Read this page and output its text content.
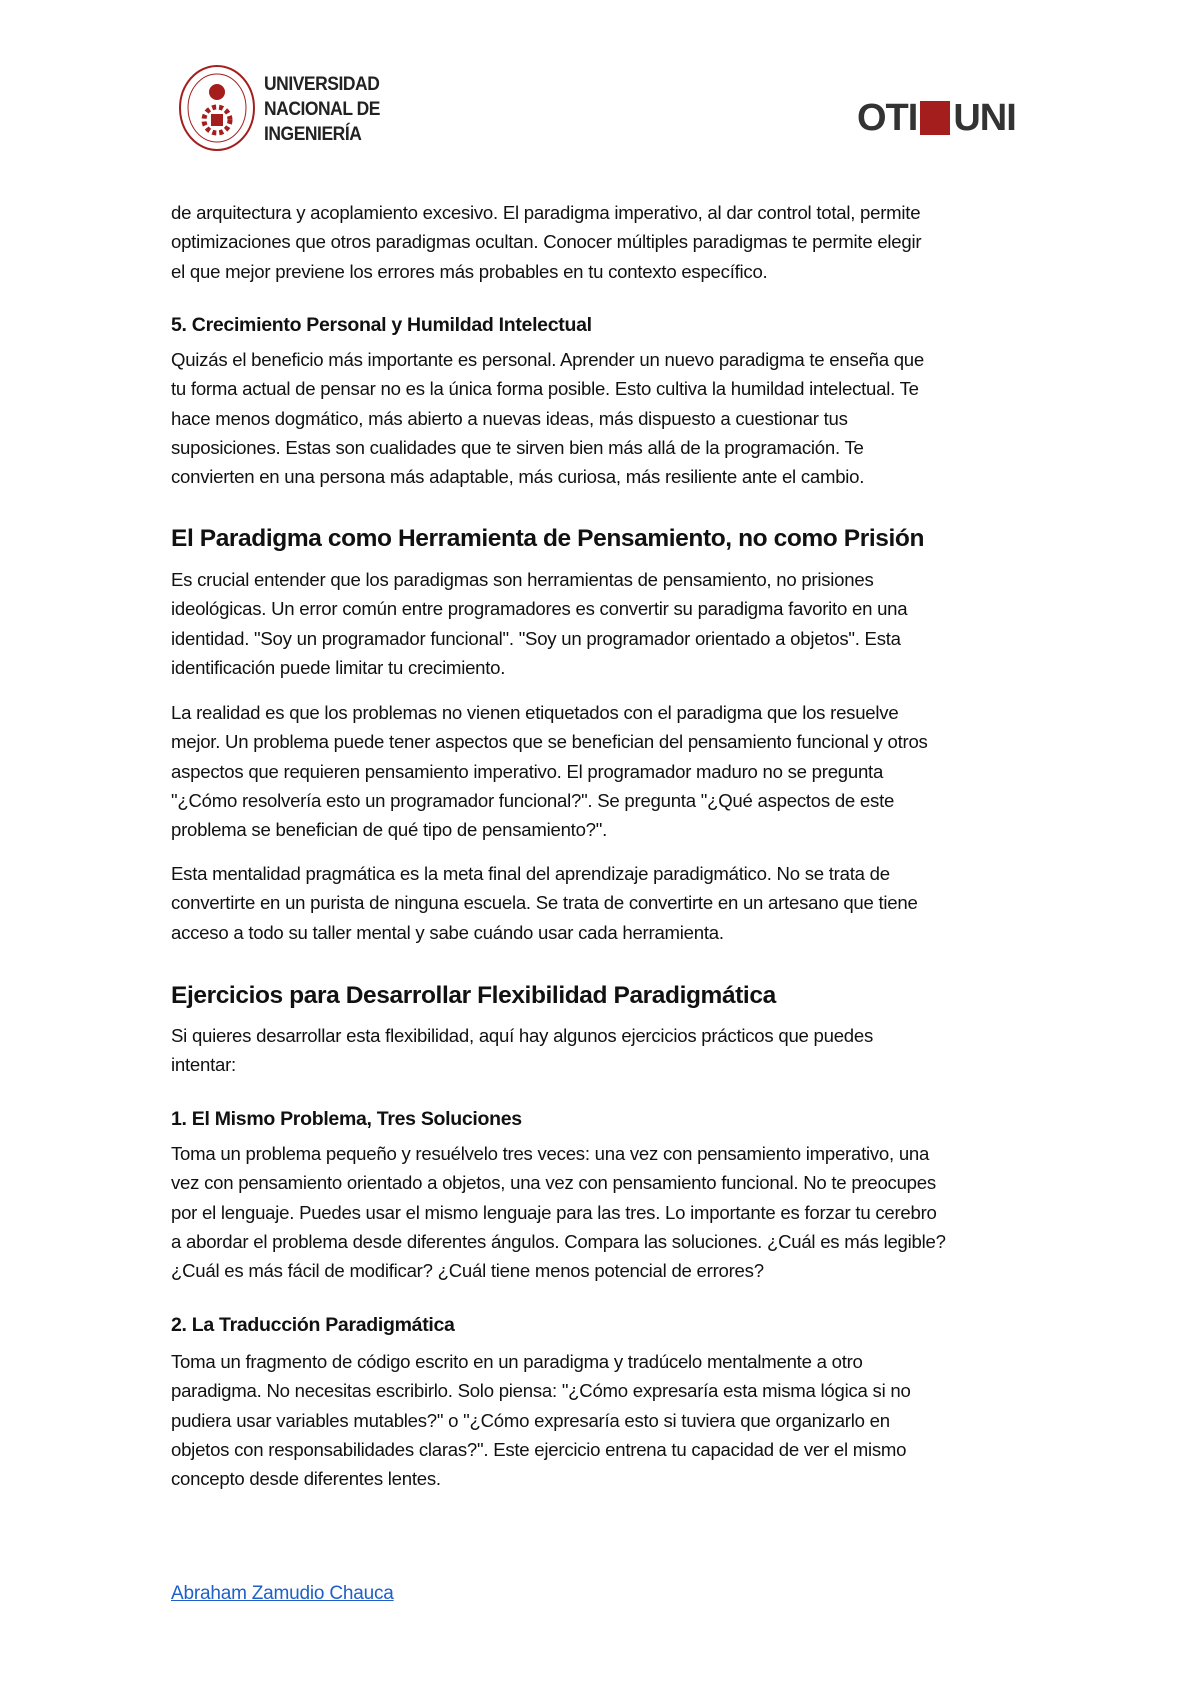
UNIVERSIDAD
NACIONAL DE
INGENIERÍA	OTI UNI
de arquitectura y acoplamiento excesivo. El paradigma imperativo, al dar control total, permite
optimizaciones que otros paradigmas ocultan. Conocer múltiples paradigmas te permite elegir
el que mejor previene los errores más probables en tu contexto específico.
5. Crecimiento Personal y Humildad Intelectual
Quizás el beneficio más importante es personal. Aprender un nuevo paradigma te enseña que
tu forma actual de pensar no es la única forma posible. Esto cultiva la humildad intelectual. Te
hace menos dogmático, más abierto a nuevas ideas, más dispuesto a cuestionar tus
suposiciones. Estas son cualidades que te sirven bien más allá de la programación. Te
convierten en una persona más adaptable, más curiosa, más resiliente ante el cambio.
El Paradigma como Herramienta de Pensamiento, no como Prisión
Es crucial entender que los paradigmas son herramientas de pensamiento, no prisiones
ideológicas. Un error común entre programadores es convertir su paradigma favorito en una
identidad. "Soy un programador funcional". "Soy un programador orientado a objetos". Esta
identificación puede limitar tu crecimiento.
La realidad es que los problemas no vienen etiquetados con el paradigma que los resuelve
mejor. Un problema puede tener aspectos que se benefician del pensamiento funcional y otros
aspectos que requieren pensamiento imperativo. El programador maduro no se pregunta
"¿Cómo resolvería esto un programador funcional?". Se pregunta "¿Qué aspectos de este
problema se benefician de qué tipo de pensamiento?".
Esta mentalidad pragmática es la meta final del aprendizaje paradigmático. No se trata de
convertirte en un purista de ninguna escuela. Se trata de convertirte en un artesano que tiene
acceso a todo su taller mental y sabe cuándo usar cada herramienta.
Ejercicios para Desarrollar Flexibilidad Paradigmática
Si quieres desarrollar esta flexibilidad, aquí hay algunos ejercicios prácticos que puedes
intentar:
1. El Mismo Problema, Tres Soluciones
Toma un problema pequeño y resuélvelo tres veces: una vez con pensamiento imperativo, una
vez con pensamiento orientado a objetos, una vez con pensamiento funcional. No te preocupes
por el lenguaje. Puedes usar el mismo lenguaje para las tres. Lo importante es forzar tu cerebro
a abordar el problema desde diferentes ángulos. Compara las soluciones. ¿Cuál es más legible?
¿Cuál es más fácil de modificar? ¿Cuál tiene menos potencial de errores?
2. La Traducción Paradigmática
Toma un fragmento de código escrito en un paradigma y tradúcelo mentalmente a otro
paradigma. No necesitas escribirlo. Solo piensa: "¿Cómo expresaría esta misma lógica si no
pudiera usar variables mutables?" o "¿Cómo expresaría esto si tuviera que organizarlo en
objetos con responsabilidades claras?". Este ejercicio entrena tu capacidad de ver el mismo
concepto desde diferentes lentes.
Abraham Zamudio Chauca
